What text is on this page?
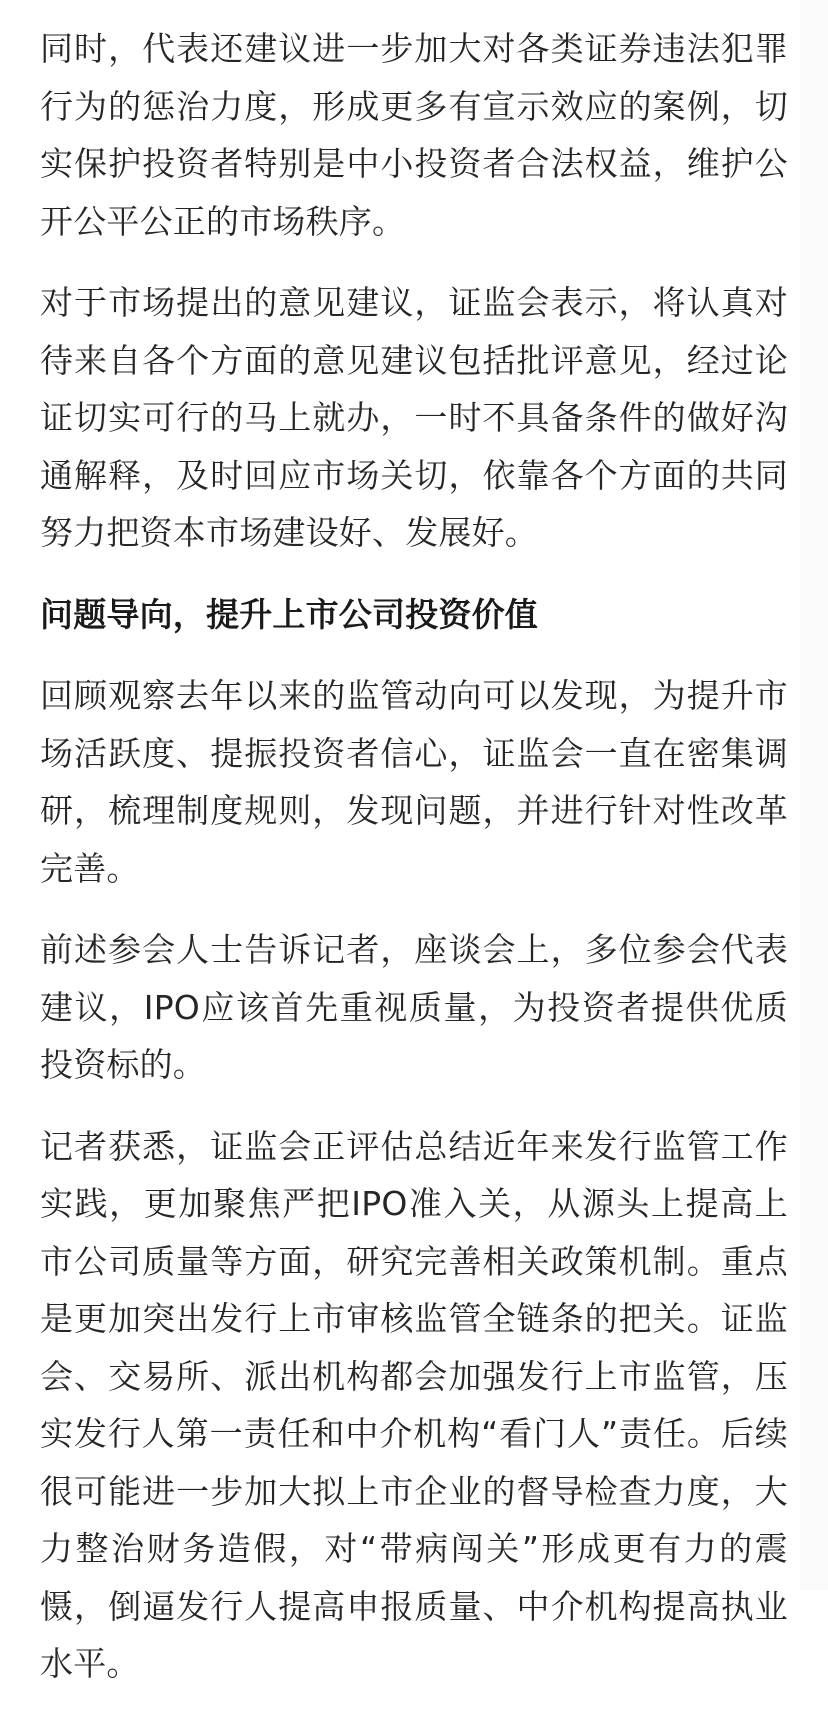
同时，代表还建议进一步加大对各类证券违法犯罪行为的惩治力度，形成更多有宣示效应的案例，切实保护投资者特别是中小投资者合法权益，维护公开公平公正的市场秩序。

对于市场提出的意见建议，证监会表示，将认真对待来自各个方面的意见建议包括批评意见，经过论证切实可行的马上就办，一时不具备条件的做好沟通解释，及时回应市场关切，依靠各个方面的共同努力把资本市场建设好、发展好。

问题导向，提升上市公司投资价值

回顾观察去年以来的监管动向可以发现，为提升市场活跃度、提振投资者信心，证监会一直在密集调研，梳理制度规则，发现问题，并进行针对性改革完善。

前述参会人士告诉记者，座谈会上，多位参会代表建议，IPO应该首先重视质量，为投资者提供优质投资标的。

记者获悉，证监会正评估总结近年来发行监管工作实践，更加聚焦严把IPO准入关，从源头上提高上市公司质量等方面，研究完善相关政策机制。重点是更加突出发行上市审核监管全链条的把关。证监会、交易所、派出机构都会加强发行上市监管，压实发行人第一责任和中介机构“看门人”责任。后续很可能进一步加大拟上市企业的督导检查力度，大力整治财务造假，对“带病闯关”形成更有力的震慑，倒逼发行人提高申报质量、中介机构提高执业水平。
